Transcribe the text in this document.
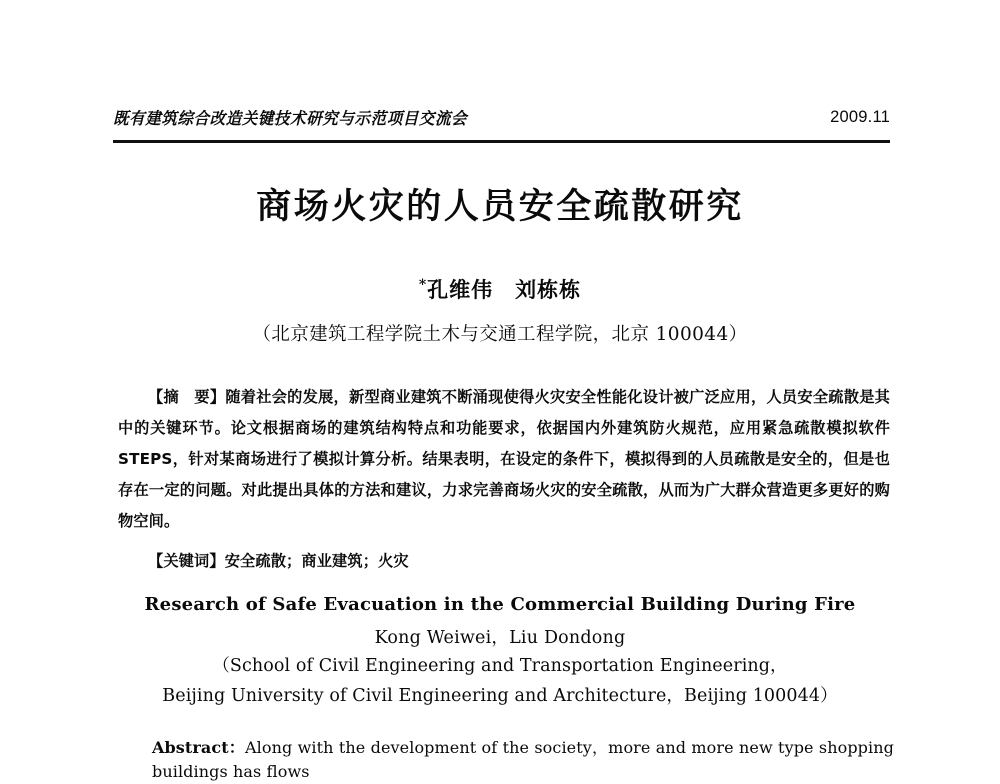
既有建筑综合改造关键技术研究与示范项目交流会	2009.11
商场火灾的人员安全疏散研究
*孔维伟 刘栋栋
（北京建筑工程学院土木与交通工程学院，北京 100044）
【摘　要】随着社会的发展，新型商业建筑不断涌现使得火灾安全性能化设计被广泛应用，人员安全疏散是其中的关键环节。论文根据商场的建筑结构特点和功能要求，依据国内外建筑防火规范，应用紧急疏散模拟软件 STEPS，针对某商场进行了模拟计算分析。结果表明，在设定的条件下，模拟得到的人员疏散是安全的，但是也存在一定的问题。对此提出具体的方法和建议，力求完善商场火灾的安全疏散，从而为广大群众营造更多更好的购物空间。
【关键词】安全疏散；商业建筑；火灾
Research of Safe Evacuation in the Commercial Building During Fire
Kong Weiwei，Liu Dondong
（School of Civil Engineering and Transportation Engineering，
Beijing University of Civil Engineering and Architecture，Beijing 100044）
Abstract：Along with the development of the society，more and more new type shopping buildings has flows
